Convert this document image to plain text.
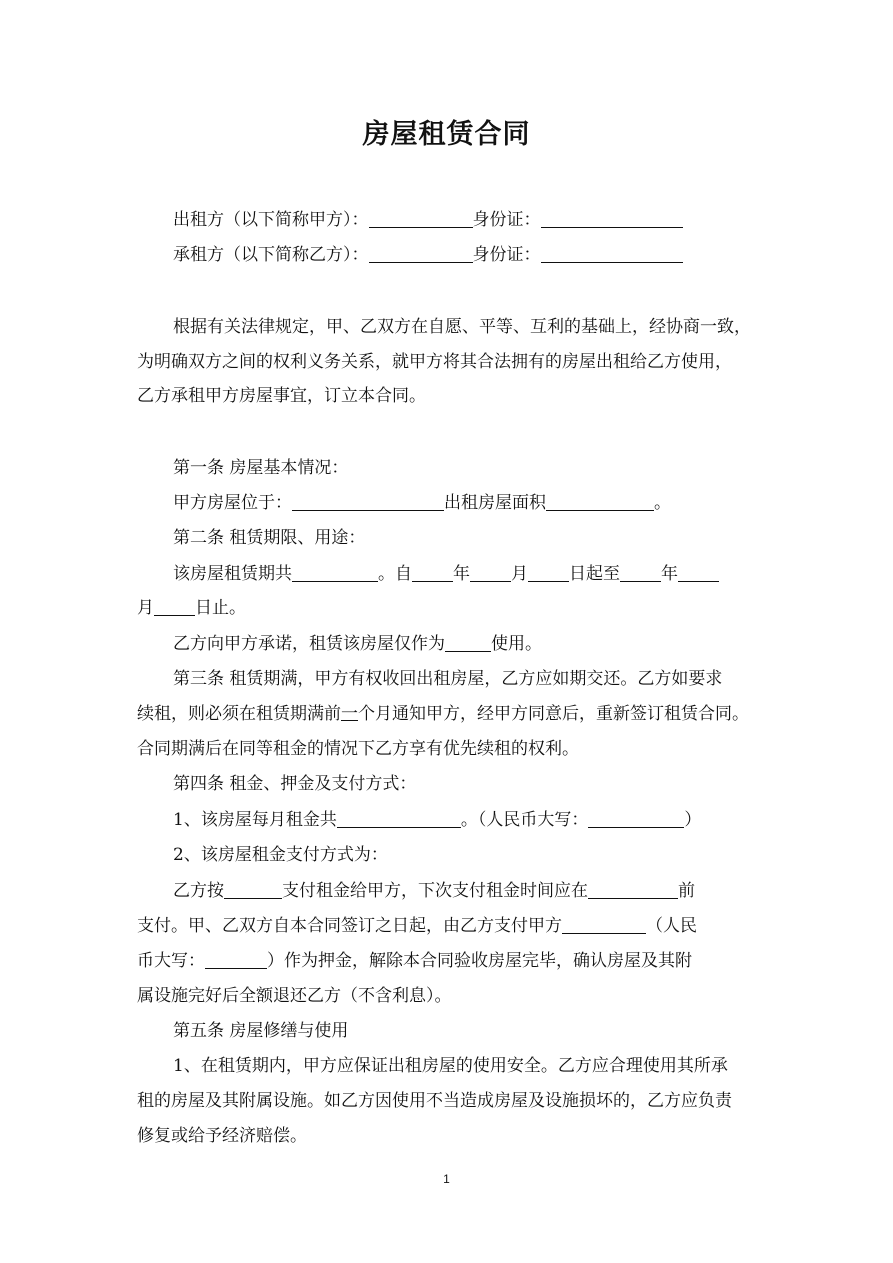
房屋租赁合同
出租方（以下简称甲方）：	身份证：
承租方（以下简称乙方）：	身份证：
根据有关法律规定，甲、乙双方在自愿、平等、互利的基础上，经协商一致，
为明确双方之间的权利义务关系，就甲方将其合法拥有的房屋出租给乙方使用，
乙方承租甲方房屋事宜，订立本合同。
第一条 房屋基本情况：
甲方房屋位于：	出租房屋面积	。
第二条 租赁期限、用途：
该房屋租赁期共	。自 年 月 日起至 年
月 日止。
乙方向甲方承诺，租赁该房屋仅作为	使用。
第三条 租赁期满，甲方有权收回出租房屋，乙方应如期交还。乙方如要求
续租，则必须在租赁期满前一个月通知甲方，经甲方同意后，重新签订租赁合同。
合同期满后在同等租金的情况下乙方享有优先续租的权利。
第四条 租金、押金及支付方式：
1、该房屋每月租金共	。（人民币大写：	）
2、该房屋租金支付方式为：
乙方按	支付租金给甲方，下次支付租金时间应在	前
支付。甲、乙双方自本合同签订之日起，由乙方支付甲方	（人民
币大写：	）作为押金，解除本合同验收房屋完毕，确认房屋及其附
属设施完好后全额退还乙方（不含利息）。
第五条 房屋修缮与使用
1、在租赁期内，甲方应保证出租房屋的使用安全。乙方应合理使用其所承
租的房屋及其附属设施。如乙方因使用不当造成房屋及设施损坏的，乙方应负责
修复或给予经济赔偿。
1
